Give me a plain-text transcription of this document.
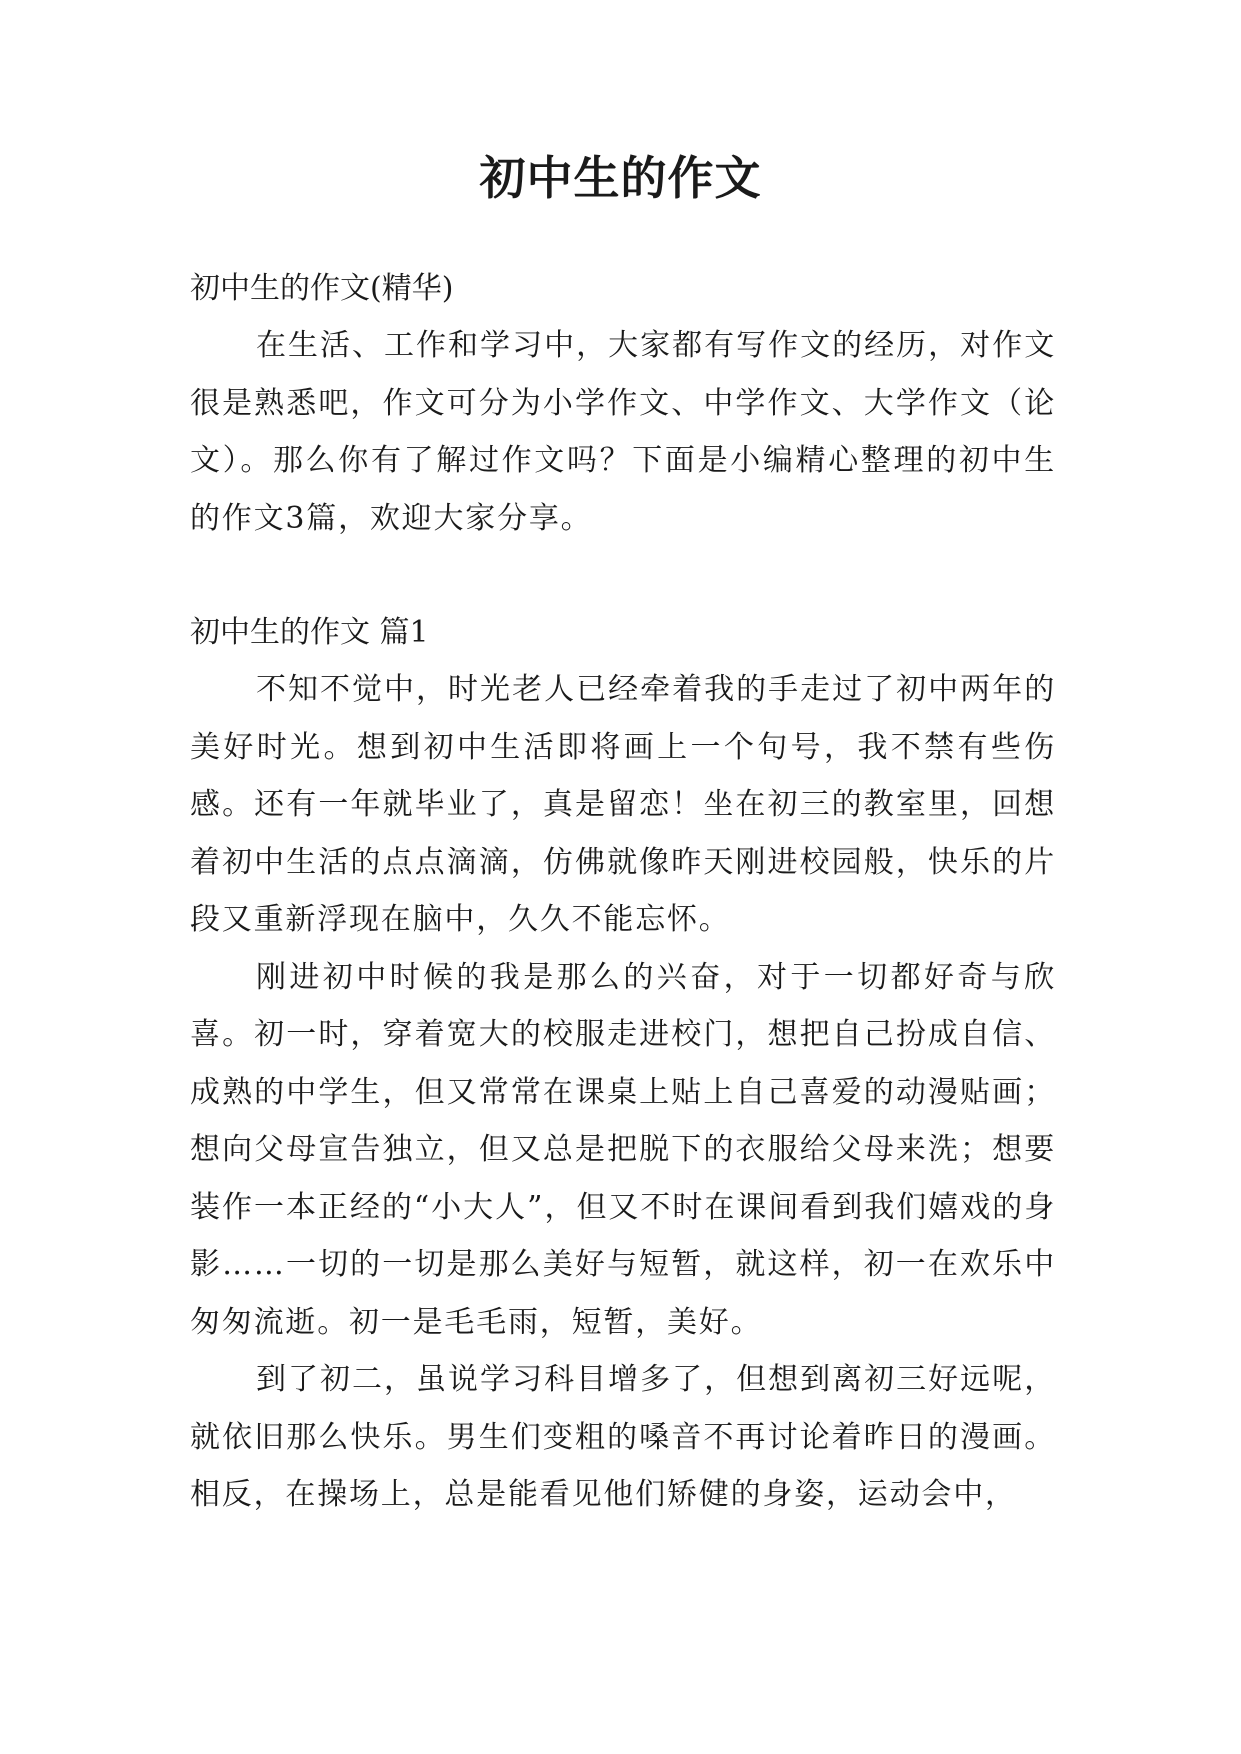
初中生的作文

初中生的作文(精华)

在生活、工作和学习中，大家都有写作文的经历，对作文很是熟悉吧，作文可分为小学作文、中学作文、大学作文（论文）。那么你有了解过作文吗？下面是小编精心整理的初中生的作文3篇，欢迎大家分享。

初中生的作文 篇1

不知不觉中，时光老人已经牵着我的手走过了初中两年的美好时光。想到初中生活即将画上一个句号，我不禁有些伤感。还有一年就毕业了，真是留恋！坐在初三的教室里，回想着初中生活的点点滴滴，仿佛就像昨天刚进校园般，快乐的片段又重新浮现在脑中，久久不能忘怀。

刚进初中时候的我是那么的兴奋，对于一切都好奇与欣喜。初一时，穿着宽大的校服走进校门，想把自己扮成自信、成熟的中学生，但又常常在课桌上贴上自己喜爱的动漫贴画；想向父母宣告独立，但又总是把脱下的衣服给父母来洗；想要装作一本正经的“小大人”，但又不时在课间看到我们嬉戏的身影……一切的一切是那么美好与短暂，就这样，初一在欢乐中匆匆流逝。初一是毛毛雨，短暂，美好。

到了初二，虽说学习科目增多了，但想到离初三好远呢，就依旧那么快乐。男生们变粗的嗓音不再讨论着昨日的漫画。相反，在操场上，总是能看见他们矫健的身姿，运动会中，
